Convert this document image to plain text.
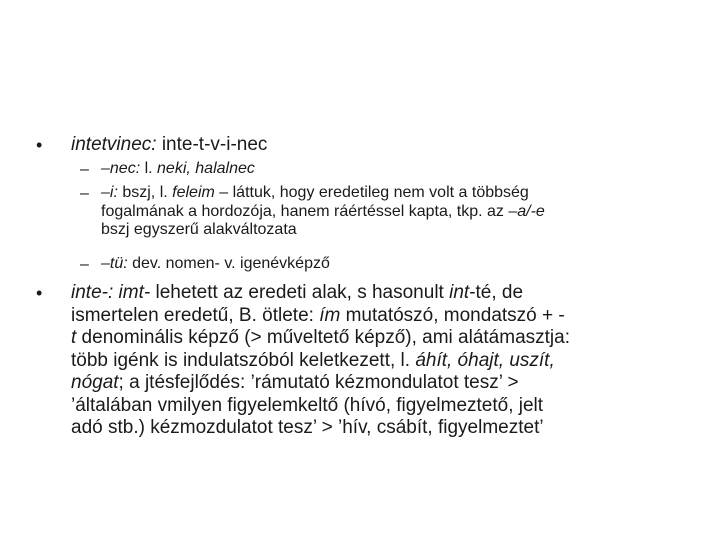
• intetvinec: inte-t-v-i-nec
– –nec: l. neki, halalnec
– –i: bszj, l. feleim – láttuk, hogy eredetileg nem volt a többség
fogalmának a hordozója, hanem ráértéssel kapta, tkp. az –a/-e
bszj egyszerű alakváltozata
– –tü: dev. nomen- v. igenévképző
• inte-: imt- lehetett az eredeti alak, s hasonult int-té, de
ismertelen eredetű, B. ötlete: ím mutatószó, mondatszó + -
t denominális képző (> műveltető képző), ami alátámasztja:
több igénk is indulatszóból keletkezett, l. áhít, óhajt, uszít,
nógat; a jtésfejlődés: ’rámutató kézmondulatot tesz’ >
’általában vmilyen figyelemkeltő (hívó, figyelmeztető, jelt
adó stb.) kézmozdulatot tesz’ > ’hív, csábít, figyelmeztet’
